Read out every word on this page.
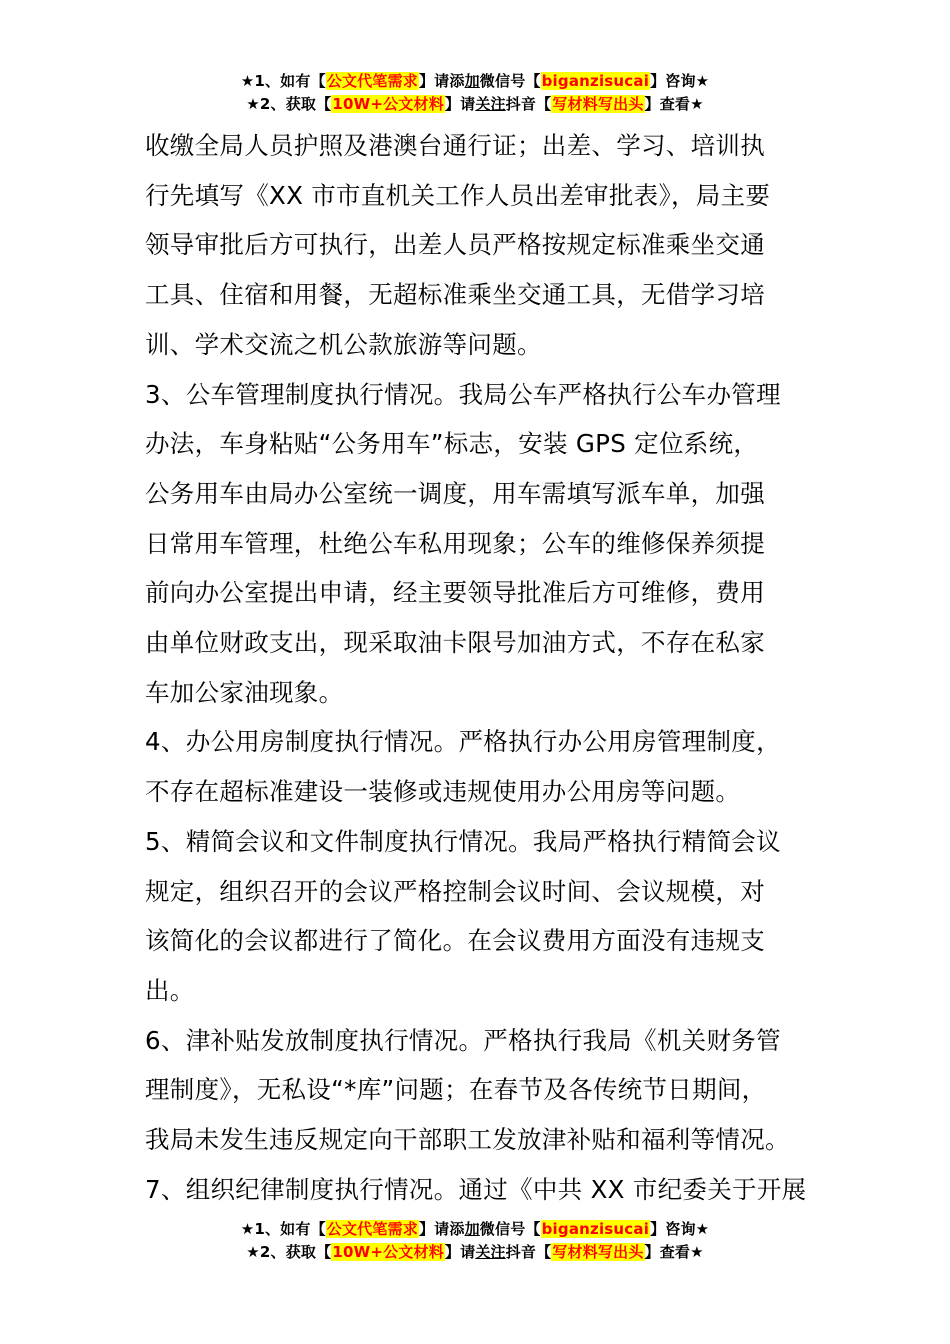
★1、如有【公文代笔需求】请添加微信号【biganzisucai】咨询★
★2、获取【10W+公文材料】请关注抖音【写材料写出头】查看★

收缴全局人员护照及港澳台通行证；出差、学习、培训执

行先填写《XX 市市直机关工作人员出差审批表》，局主要

领导审批后方可执行，出差人员严格按规定标准乘坐交通

工具、住宿和用餐，无超标准乘坐交通工具，无借学习培

训、学术交流之机公款旅游等问题。

3、公车管理制度执行情况。我局公车严格执行公车办管理

办法，车身粘贴“公务用车”标志，安装 GPS 定位系统，

公务用车由局办公室统一调度，用车需填写派车单，加强

日常用车管理，杜绝公车私用现象；公车的维修保养须提

前向办公室提出申请，经主要领导批准后方可维修，费用

由单位财政支出，现采取油卡限号加油方式，不存在私家

车加公家油现象。

4、办公用房制度执行情况。严格执行办公用房管理制度，

不存在超标准建设一装修或违规使用办公用房等问题。

5、精简会议和文件制度执行情况。我局严格执行精简会议

规定，组织召开的会议严格控制会议时间、会议规模，对

该简化的会议都进行了简化。在会议费用方面没有违规支

出。

6、津补贴发放制度执行情况。严格执行我局《机关财务管

理制度》，无私设“*库”问题；在春节及各传统节日期间，

我局未发生违反规定向干部职工发放津补贴和福利等情况。

7、组织纪律制度执行情况。通过《中共 XX 市纪委关于开展

★1、如有【公文代笔需求】请添加微信号【biganzisucai】咨询★
★2、获取【10W+公文材料】请关注抖音【写材料写出头】查看★
